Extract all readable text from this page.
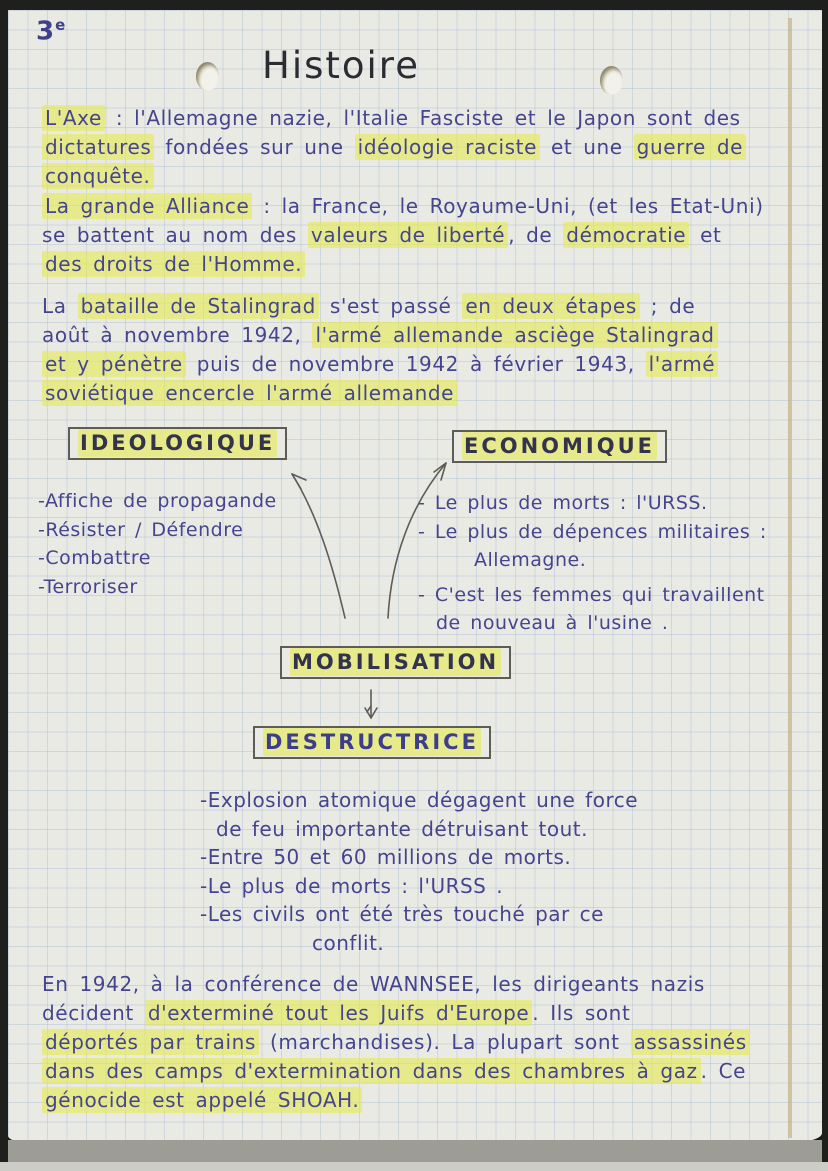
3e
Histoire
L'Axe : l'Allemagne nazie, l'Italie Fasciste et le Japon sont des
dictatures fondées sur une idéologie raciste et une guerre de
conquête.
La grande Alliance : la France, le Royaume-Uni, (et les Etat-Uni)
se battent au nom des valeurs de liberté , de démocratie et
des droits de l'Homme.
La bataille de Stalingrad s'est passé en deux étapes ; de
août à novembre 1942, l'armé allemande asciège Stalingrad
et y pénètre puis de novembre 1942 à février 1943, l'armé
soviétique encercle l'armé allemande
En 1942, à la conférence de WANNSEE, les dirigeants nazis
décident d'exterminé tout les Juifs d'Europe . Ils sont
déportés par trains (marchandises). La plupart sont assassinés
dans des camps d'extermination dans des chambres à gaz . Ce
génocide est appelé SHOAH.
IDEOLOGIQUE	ECONOMIQUE
MOBILISATION
DESTRUCTRICE
-Affiche de propagande
-Résister / Défendre
-Combattre
-Terroriser
- Le plus de morts : l'URSS.
- Le plus de dépences militaires :
Allemagne.
- C'est les femmes qui travaillent
de nouveau à l'usine .
-Explosion atomique dégagent une force
de feu importante détruisant tout.
-Entre 50 et 60 millions de morts.
-Le plus de morts : l'URSS .
-Les civils ont été très touché par ce
conflit.
